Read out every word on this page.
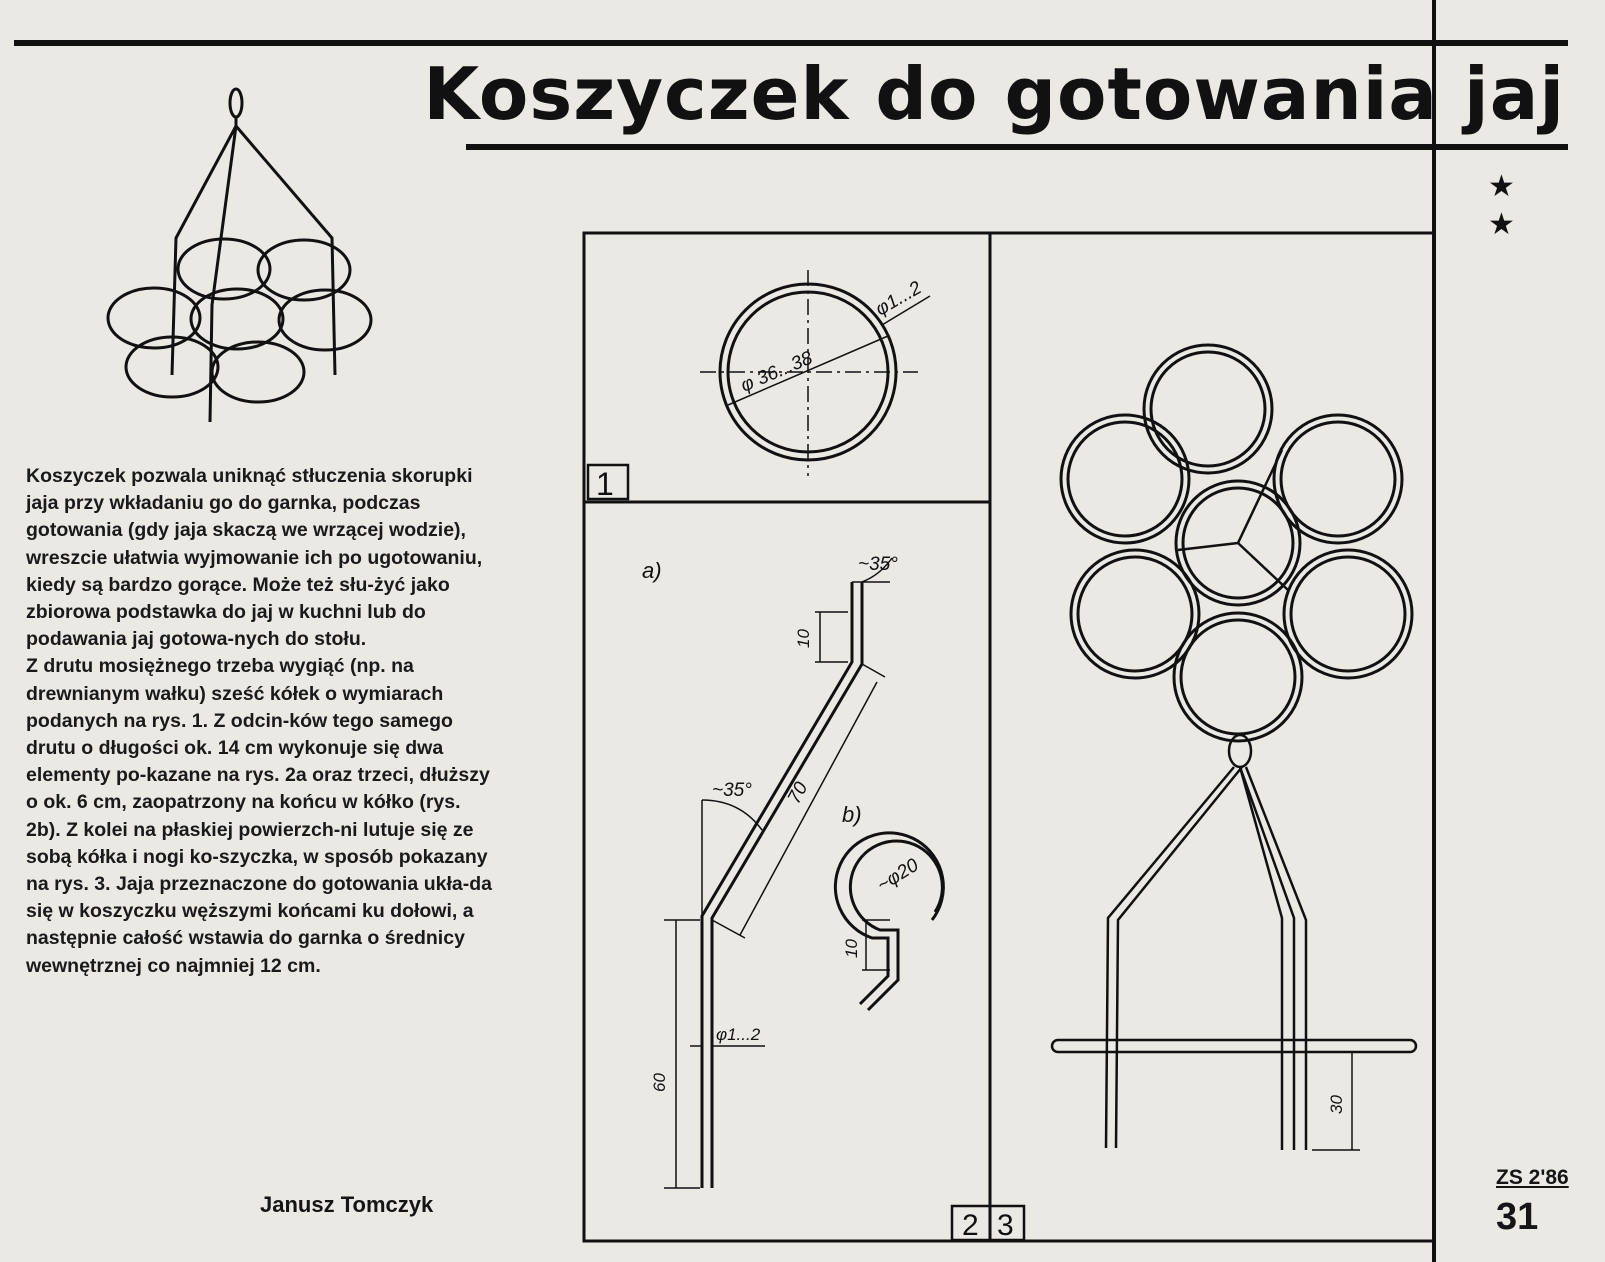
Koszyczek do gotowania jaj
★
★

Koszyczek pozwala uniknąć stłuczenia skorupki jaja przy wkładaniu go do garnka, podczas gotowania (gdy jaja skaczą we wrzącej wodzie), wreszcie ułatwia wyjmowanie ich po ugotowaniu, kiedy są bardzo gorące. Może też słu-żyć jako zbiorowa podstawka do jaj w kuchni lub do podawania jaj gotowa-nych do stołu.

Z drutu mosiężnego trzeba wygiąć (np. na drewnianym wałku) sześć kółek o wymiarach podanych na rys. 1. Z odcin-ków tego samego drutu o długości ok. 14 cm wykonuje się dwa elementy po-kazane na rys. 2a oraz trzeci, dłuższy o ok. 6 cm, zaopatrzony na końcu w kółko (rys. 2b). Z kolei na płaskiej powierzch-ni lutuje się ze sobą kółka i nogi ko-szyczka, w sposób pokazany na rys. 3. Jaja przeznaczone do gotowania ukła-da się w koszyczku węższymi końcami ku dołowi, a następnie całość wstawia do garnka o średnicy wewnętrznej co najmniej 12 cm.

Janusz Tomczyk
ZS 2'86
31
φ 36...38
φ1...2
1
a)	~35°
10
70
~35°
60
φ1...2
b)
10
~φ20
30
2 3
